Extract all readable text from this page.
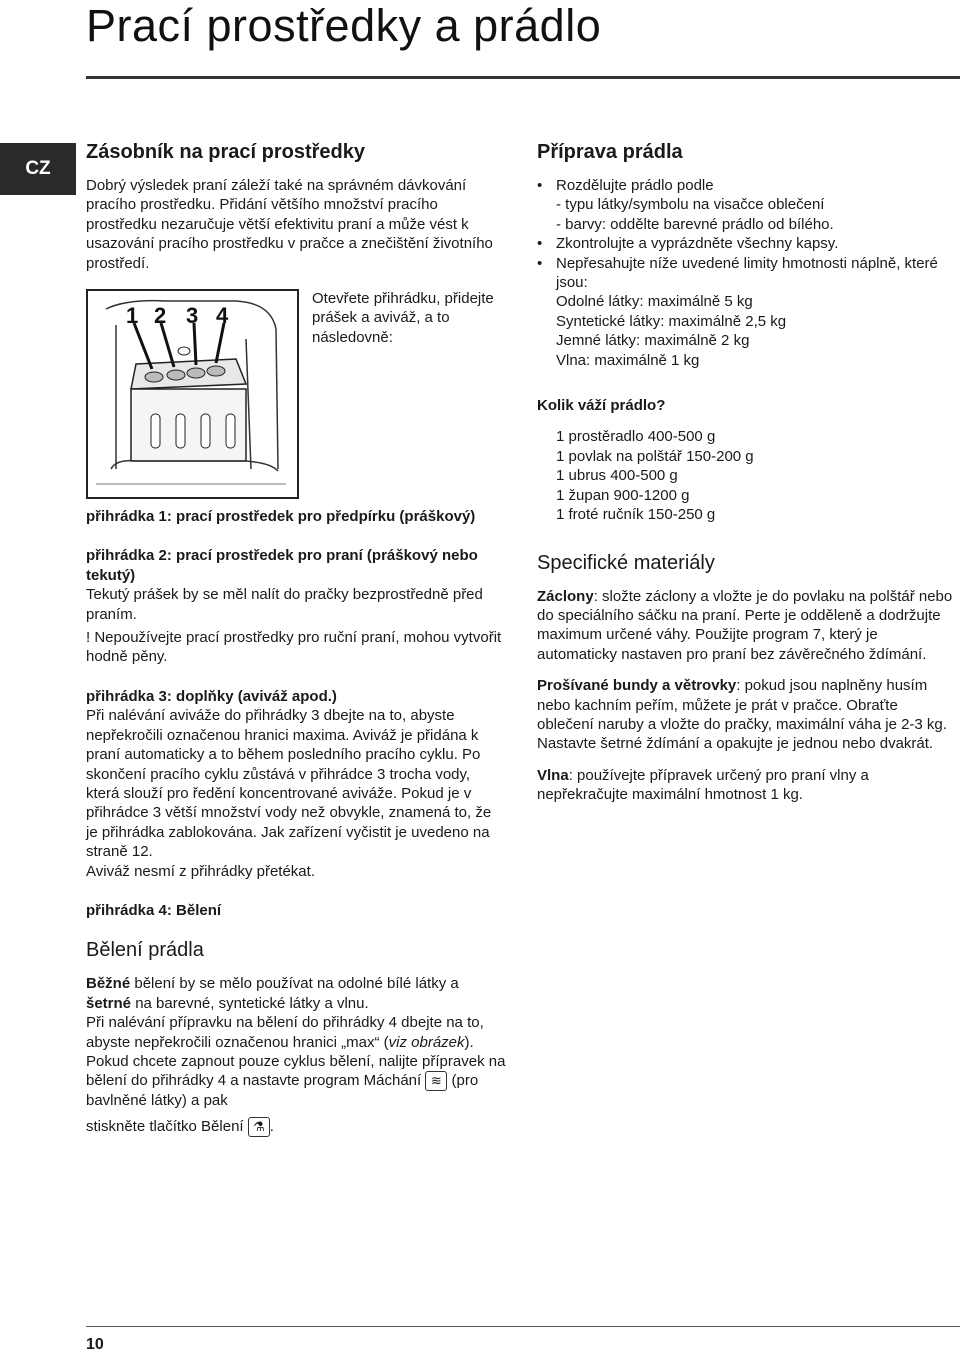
Prací prostředky a prádlo
CZ
Zásobník na prací prostředky

Dobrý výsledek praní záleží také na správném dávkování pracího prostředku. Přidání většího množství pracího prostředku nezaručuje větší efektivitu praní a může vést k usazování pracího prostředku v pračce a znečištění životního prostředí.

1 2 3 4

Otevřete přihrádku, přidejte prášek a aviváž, a to následovně:

přihrádka 1: prací prostředek pro předpírku (práškový)
přihrádka 2: prací prostředek pro praní (práškový nebo tekutý)

Tekutý prášek by se měl nalít do pračky bezprostředně před praním.

! Nepoužívejte prací prostředky pro ruční praní, mohou vytvořit hodně pěny.

přihrádka 3: doplňky (aviváž apod.)

Při nalévání aviváže do přihrádky 3 dbejte na to, abyste nepřekročili označenou hranici maxima. Aviváž je přidána k praní automaticky a to během posledního pracího cyklu. Po skončení pracího cyklu zůstává v přihrádce 3 trocha vody, která slouží pro ředění koncentrované aviváže. Pokud je v přihrádce 3 větší množství vody než obvykle, znamená to, že je přihrádka zablokována. Jak zařízení vyčistit je uvedeno na straně 12.

Aviváž nesmí z přihrádky přetékat.

přihrádka 4: Bělení
Bělení prádla

Běžné bělení by se mělo používat na odolné bílé látky a šetrné na barevné, syntetické látky a vlnu.

Při nalévání přípravku na bělení do přihrádky 4 dbejte na to, abyste nepřekročili označenou hranici „max“ (viz obrázek).

Pokud chcete zapnout pouze cyklus bělení, nalijte přípravek na bělení do přihrádky 4 a nastavte program Máchání ≋ (pro bavlněné látky) a pak

stiskněte tlačítko Bělení ⚗ .

Příprava prádla
• Rozdělujte prádlo podle
- typu látky/symbolu na visačce oblečení
- barvy: oddělte barevné prádlo od bílého.
• Zkontrolujte a vyprázdněte všechny kapsy.
• Nepřesahujte níže uvedené limity hmotnosti náplně, které jsou:
Odolné látky: maximálně 5 kg
Syntetické látky: maximálně 2,5 kg
Jemné látky: maximálně 2 kg
Vlna: maximálně 1 kg
Kolik váží prádlo?
1 prostěradlo 400-500 g
1 povlak na polštář 150-200 g
1 ubrus 400-500 g
1 župan 900-1200 g
1 froté ručník 150-250 g
Specifické materiály

Záclony: složte záclony a vložte je do povlaku na polštář nebo do speciálního sáčku na praní. Perte je odděleně a dodržujte maximum určené váhy. Použijte program 7, který je automaticky nastaven pro praní bez závěrečného ždímání.

Prošívané bundy a větrovky: pokud jsou naplněny husím nebo kachním peřím, můžete je prát v pračce. Obraťte oblečení naruby a vložte do pračky, maximální váha je 2-3 kg. Nastavte šetrné ždímání a opakujte je jednou nebo dvakrát.

Vlna: používejte přípravek určený pro praní vlny a nepřekračujte maximální hmotnost 1 kg.

10
